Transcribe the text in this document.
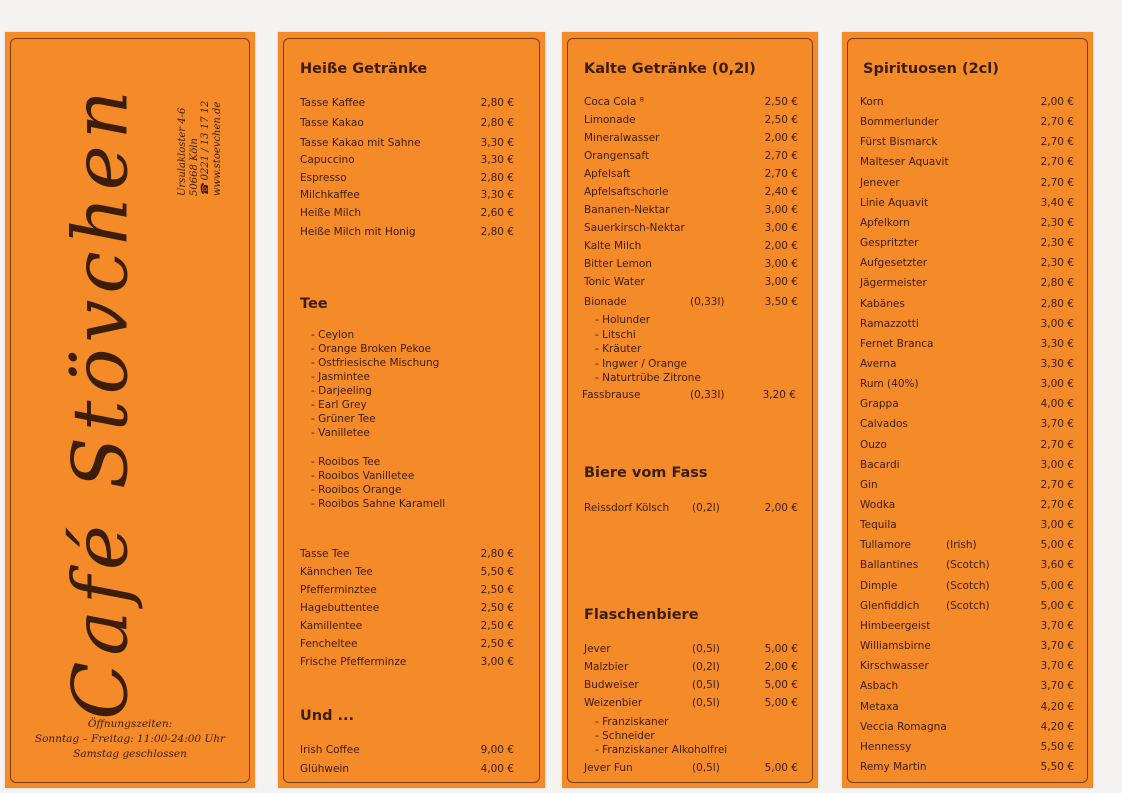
Café Stövchen	Ursulakloster 4-6 50668 Köln ☎ 0221 / 13 17 12 www.stoevchen.de
Öffnungszeiten:
Sonntag – Freitag: 11:00-24:00 Uhr
Samstag geschlossen
Heiße Getränke
Tasse Kaffee	2,80 €
Tasse Kakao	2,80 €
Tasse Kakao mit Sahne	3,30 €
Capuccino	3,30 €
Espresso	2,80 €
Milchkaffee	3,30 €
Heiße Milch	2,60 €
Heiße Milch mit Honig	2,80 €
Tee
- Ceylon
- Orange Broken Pekoe
- Ostfriesische Mischung
- Jasmintee
- Darjeeling
- Earl Grey
- Grüner Tee
- Vanilletee
- Rooibos Tee
- Rooibos Vanilletee
- Rooibos Orange
- Rooibos Sahne Karamell
Tasse Tee	2,80 €
Kännchen Tee	5,50 €
Pfefferminztee	2,50 €
Hagebuttentee	2,50 €
Kamillentee	2,50 €
Fencheltee	2,50 €
Frische Pfefferminze	3,00 €
Und ...
Irish Coffee	9,00 €
Glühwein	4,00 €
Kalte Getränke (0,2l)
Coca Cola ⁸	2,50 €
Limonade	2,50 €
Mineralwasser	2,00 €
Orangensaft	2,70 €
Apfelsaft	2,70 €
Apfelsaftschorle	2,40 €
Bananen-Nektar	3,00 €
Sauerkirsch-Nektar	3,00 €
Kalte Milch	2,00 €
Bitter Lemon	3,00 €
Tonic Water	3,00 €
Bionade	(0,33l)	3,50 €
- Holunder
- Litschi
- Kräuter
- Ingwer / Orange
- Naturtrübe Zitrone
Fassbrause	(0,33l)	3,20 €
Biere vom Fass
Reissdorf Kölsch (0,2l)	2,00 €
Flaschenbiere
Jever	(0,5l)	5,00 €
Malzbier	(0,2l)	2,00 €
Budweiser	(0,5l)	5,00 €
Weizenbier	(0,5l)	5,00 €
- Franziskaner
- Schneider
- Franziskaner Alkoholfrei
Jever Fun	(0,5l)	5,00 €
Spirituosen (2cl)
Korn	2,00 €
Bommerlunder	2,70 €
Fürst Bismarck	2,70 €
Malteser Aquavit	2,70 €
Jenever	2,70 €
Linie Aquavit	3,40 €
Apfelkorn	2,30 €
Gespritzter	2,30 €
Aufgesetzter	2,30 €
Jägermeister	2,80 €
Kabänes	2,80 €
Ramazzotti	3,00 €
Fernet Branca	3,30 €
Averna	3,30 €
Rum (40%)	3,00 €
Grappa	4,00 €
Calvados	3,70 €
Ouzo	2,70 €
Bacardi	3,00 €
Gin	2,70 €
Wodka	2,70 €
Tequila	3,00 €
Tullamore	(Irish)	5,00 €
Ballantines	(Scotch)	3,60 €
Dimple	(Scotch)	5,00 €
Glenfiddich	(Scotch)	5,00 €
Himbeergeist	3,70 €
Williamsbirne	3,70 €
Kirschwasser	3,70 €
Asbach	3,70 €
Metaxa	4,20 €
Veccia Romagna	4,20 €
Hennessy	5,50 €
Remy Martin	5,50 €
